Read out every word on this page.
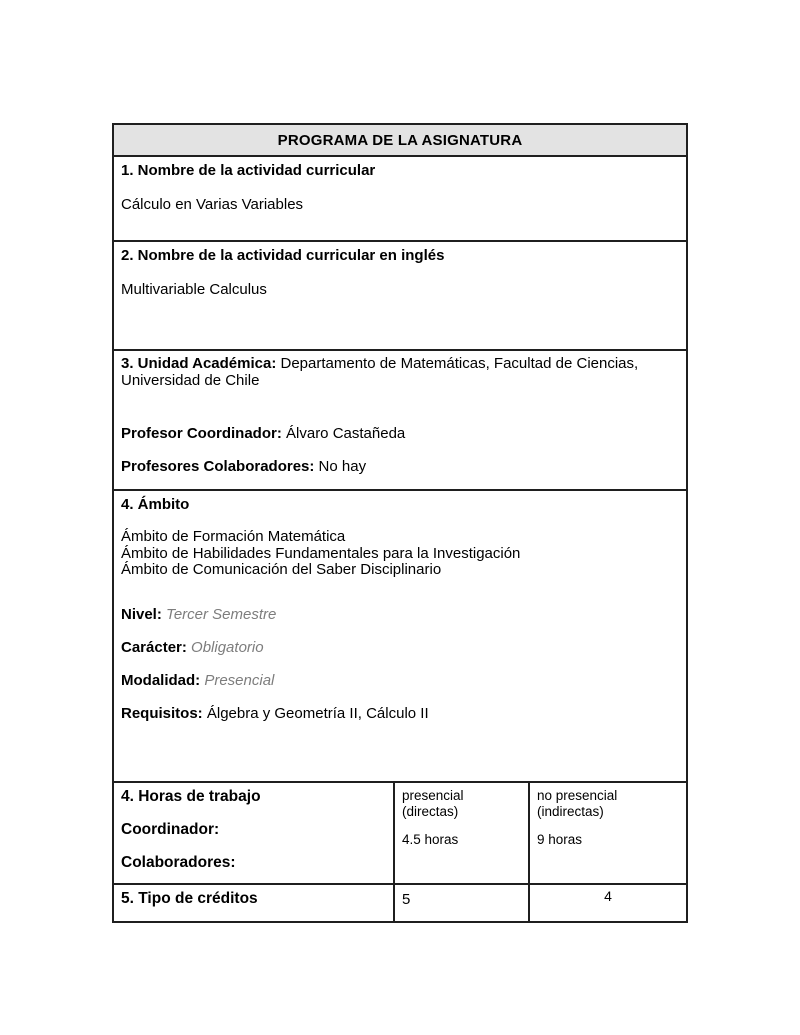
PROGRAMA DE LA ASIGNATURA
1. Nombre de la actividad curricular
Cálculo en Varias Variables
2. Nombre de la actividad curricular en inglés
Multivariable Calculus
3. Unidad Académica: Departamento de Matemáticas, Facultad de Ciencias, Universidad de Chile
Profesor Coordinador: Álvaro Castañeda
Profesores Colaboradores: No hay
4. Ámbito
Ámbito de Formación Matemática
Ámbito de Habilidades Fundamentales para la Investigación
Ámbito de Comunicación del Saber Disciplinario
Nivel: Tercer Semestre
Carácter: Obligatorio
Modalidad: Presencial
Requisitos: Álgebra y Geometría II, Cálculo II
4. Horas de trabajo
Coordinador:
Colaboradores:
presencial (directas)
4.5 horas
no presencial (indirectas)
9 horas
5. Tipo de créditos	5	4
